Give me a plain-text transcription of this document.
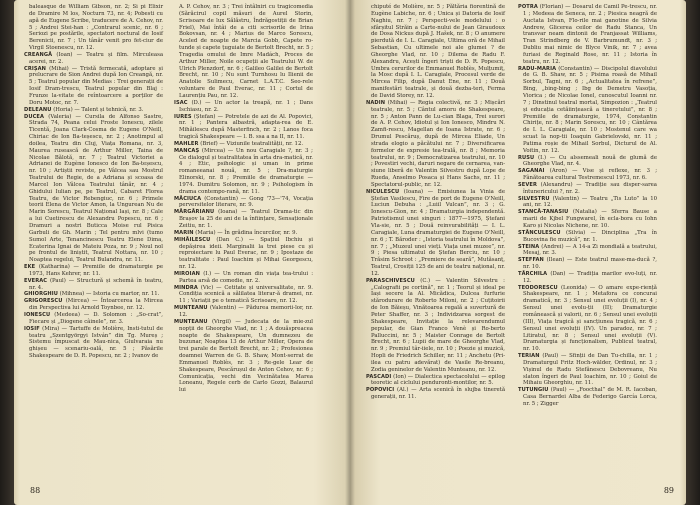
baleasque de William Gibson, nr. 2; Si pi Elixir de Dramire M los, Nocturn 73, nr. 4; Pobesti cu apă de Eugene Scribe, traducere de A. Cehov, nr. 5 ; Andrei Stei-han : „Contrarul scenic, nr. 6 ; Seriozi pe postările, spectatori noctural de Iosif Berenicii, nr. 7 ; Un tânăr venit pro fet-ciur de Virgil Stoenescu, nr. 12.

CREANGĂ (Ioan) — Teatru și film. Mirculeasa acerei, nr. 2.

CRIȘAN (Mihai) — Tristă fermecată, adoptare și prelucrare de Sion Andrei după Ion Creangă, nr. 5 ; Teatrul popular din Medias : Trei generații de Iosif Dram-trescu, Teatrul popular din Blaj : Frunze la-vitate de reîntoarcere a porților de Doru Motoc, nr. 7.

DELEANU (Horia) — Talent și tehnică, nr. 3.

DUCEA (Valeria) — Cursila de Alfonso Sastre, Strada 74, Peana celui Froste Ionescu, zilele Ticentă, Joana Clark-Cosma de Eugene O'Neill, Chiriac de Ion Ba-teșescu, nr. 2 ; Anotimpul al doilea, Teatru din Cluj, Viața Romana, nr. 3, Maurea rusească de Arthur Miller, Taina de Nicolae Bălotă, nr. 7 ; Teatrul Victoriei a Adrianei de Eugène Ionesco de Ion Ba-teșescu, nr. 10 ; Artiștii reviste, pe Vâlcea sau Mostrul Teatrului de Regie, de a Adriana și scoasa de Marcel Ion Vâlcea Teatrului tânăr, nr. 4 ; Ghidului Iulian pe, pe Teatrul, Cabaret Florea Teatru, de Victor Rebengiuc, nr. 6 ; Primele teorii Elena de Victor Amon, la Ungurean Nu de Marin Sorescu, Teatrul Național Iași, nr. 8 ; Cale a lui Cuetirescu de Alexandru Popescu, nr. 6 ; Dramuri a nostri Buticca Moise rul Pisica Garbuli de Gh. Marin ; Tel pentru mlvi (tumo Sumol Arte, Tenancinescu Teatru Elene Dima, Ecaterina Ignai de Mateiu Poza, nr. 9 ; Noul nol pe frontul de liniștit, Teatrul Nottara, nr. 10 ; Noaptea regelui, Teatrul Bulandra, nr. 11.

EKE (Katharina) — Premiile de dramaturgie pe 1973, Hans Kehrer, nr. 11.

EVERAC (Paul) — Structură și schemă în teatru, nr. 4.

GHIORGHIU (Mihnea) — Istoria cu martor, nr. 11.

GRIGORESCU (Mircea) — Întoarcerea la Mircea din Perspectiva lui Arnold Toynbee, nr. 12.

IONESCU (Medeea) — D. Solomon : „So-crat”, Fiecare și „Diogene câinele”, nr. 3.

IOSIF (Mira) — Tartuffe de Molière, Insti-tutul de teatru „Szentgyörgyi István” din Tg. Mureș ; Sistemu împuscat de Mau-nica, Giulvaraia nu ghișeu — scenariu-oală, nr. 5 ; Păsările Shakespeare de D. R. Popescu, nr. 2 ; Ivanov de

A. P. Cehov, nr. 3 ; Trei întâlniri cu tragicomedia (Sărăcirul copil măsuri de Aurel Storin, Scrisoare de lux Sălăstru, Îndrăgostiții de Brian Friel), Mai întâi de a citi scrisorile de Irina Bokovsan, nr. 4 ; Marius de Marco Sorescu, Aceled de noapte de Marcia Gobb, Capete ro-tunde și capete țuguiate de Bertolt Brecht, nr. 5 ; Tragedia omului de Imre Madách, Proces de Arthur Miller, Noile ocupeții ale Teatrului W. de Ulrich Plenzdorf, nr. 6 ; Galileo Galilei de Bertolt Brecht, nr. 10 ; Nu sunt Turnhosu lu Ilienii de Anatolie Sulimecu, Carnet L.A.T.C. Seo-rele voluntare de Paul Everac, nr. 11 ; Cortul de Laurențiu Pau, nr. 12.

ISAC (D.) — Un actor la treapă, nr. 1 ; Dans Ischiasu, nr. 2.

IURES (Ștefan) — Potretele de azi de Al. Popovici, nr. 1 ; Pantera albastră, adapta-rea de E. Mihăilescu după Masterfinch, nr. 2 ; Lanos foca tragică Shakespeare — l. B. ssa a na II, nr. 11.

MAHLER (Brief) — Viziunile teatralității, nr. 12.

MANCAȘ (Mircea) — Un nou Caragiale ?, nr. 3 ; Ce dialogul și teatralitatea în arta dra-matică, nr. 4 ; Etic, psihologic și uman in prime romaneeanai nouă, nr. 5 ; Dra-maturgie Elinorski, nr. 8 ; Premiile de dramaturgie — 1974. Dumitru Solomon, nr. 9 ; Psihologism în drama contempo-rană, nr. 11.

MĂCIUCA (Constantin) — Gong '73—'74, Vocația perversitelor literare, nr. 9.

MĂRGĂRIANU (Ioana) — Teatrul Drama-tic din Brașov la 25 de ani de la înființare, Sensaționale Zeitiu, nr. 1.

MARIN (Maria) — În grădina încurcilor, nr. 9.

MIHĂILESCU (Dan C.) — Spațiul Ibchiu și depășirea ideii. Marginalii la trei piese cu și reproiectare lu Paul Everac, nr. 9 ; Ipostaze de teatralitate : Paul Ioachim și Mihai Georgescu, nr. 12.

MIROIAN (I.) — Un roman din viața tea-trului : Partea arsă de comedie, nr. 2.

MINDRA (Vic) — Cetitate și universalitate, nr. 9. Condiția scenică a sălilatea literar-ă dramei, nr. 11 ; Variații pe o tematică Scrisoare, nr. 12.

MUNTEANU (Valentin) — Pădurea memorii-lor, nr. 12.

MUNTEANU (Virgil) — Judecata de la mie-zul nopții de Gheorghe Vlad, nr. 1 ; A douăspreacea noapte de Shakespeare, Un dumnezeu de buzunar, Noaptea 13 de Arthur Miller, Opera de trei parale de Bertolt Brecht, nr. 2 ; Profesionea doamnei Warren de G. B. Shaw, Mont-serrat de Emmanuel Roblès, nr. 3 ; Re-gele Lear de Shakespeare, Pescărușul de Anton Cehov, nr. 6 ; Comunicația, vechi din Vecinătatea Marea Loneanu, Regele cerb de Carlo Gozzi, Balaurul lui

88

chiputé de Molière, nr. 5 ; Păltăria fiorentină de Eugène Labiche, nr. 6 ; Unica și Datoria de Iosif Naghiu, nr. 7 ; Perspecti-vele modelului : o sfârșitul Străin a Carte-nului de Jean Giraudoux de Dosa Nickus după J. Hašek, nr. 8 ; O anumere pierdută de I. L. Caragiale, Ultima oră de Mihail Sebastian, Cu ultimele noi ale glumei ? de Gheorghe Vlad, nr. 10 ; Dilema de Radu F. Alexandru, Acești îngeri triști de D. R. Popescu, Umbra cerurilor de Emmanuel Roblès, Mulțumiț, la Mosc după I. L. Caragiale, Procesul verde de Mircea Filip, după Danut Ene, nr. 11 ; Două manifestări teatrale, și două dezba-teri, Ferma de David Storey, nr. 12.

NADIN (Mihai) — Regia colectivă, nr. 3 ; Mișcări teatrale, nr. 5 ; Cântul amoru de Shakespeare, nr. 5 ; Anton Pann de Lu-cian Blaga, Trei surori de A. P. Cehov, Idiotul și Ion Ionesco, Mindru N. Zamfi-rescu, Magellan de Ioana Istrate, nr. 6 ; Drumul Pescăruș, după de Mircea Eliade, Un strada elogio a păcătului nr. 7 ; Diversificarea formelor de expresie tea-trală, nr. 8 ; Memoria teatrului, nr. 9 ; Democratizarea teatrului, nr. 10 ; Povestiri vechi, daruri negare de cernarea, van-siune liberă de Valentin Silvestru după Lope de Rueda, Anselmo Posaca și Hans Sachs, nr. 11 ; Spectatorul-public, nr. 12.

NICULESCU (Ioana) — Emisiunea la Vinia de Ștefan Vasilescu, Fire de port de Eugene O'Neill, Luciun Debuha : „Luiil Vulcan”, nr. 3 ; G. Ionescu-Gion, nr. 4 ; Dramaturgia independentă. Patriotismul unei singuri : 1877—1975, Ștefani Vla-sie, nr. 5 ; Două reinvurabilități — I. L. Caragiale, Luna dramaturgiei de Eugene O'Neill, nr. 6 ; T. Băroder : „Istoria teatrului în Moldova”, nr. 7 ; „Muzeul unei vieți. Viața unei muzee”, nr. 9 ; Piesa ultimatul de Ștefan Berciu, nr. 10 ; Trăsim Schroot : „Premiere de seară”, Mutăsanț, Teatrul, Crosiții 125 de ani de teatru național, nr. 12.

PARASCHIVESCU (C.) — Valentin Silvestru : „Calografii pe cortină”, nr. 1 ; Teorul și ideal pe Iași secere la Al. Micădica, Dulcea furfurie stărodurare de Roberto Miloni, nr. 2 ; Cuțitoirii de Ion Băieșu, Vinătoarea regală a suvertură de Peter Shaffer, nr. 3 ; Individzarea sorgest de Shakespeare, Invitație la relevarendumul pepular, de Gian Franco Venè și Ro-berto Palluccini, nr. 5 ; Maister Conrage de Bertolt Brecht, nr. 6 ; Lupii de mare de Gheorghe Vlad, nr. 9 ; Premiul târ-iiele, nr. 10 ; Poezie și muzică, Hopli de Friedrich Schiller, nr. 11 ; Anchetu (Pri-ilea cu patru adevărat) de Vasile Re-breanu, Zodia geninelor de Valentin Munteanu, nr. 12.

PASCADI (Ion) — Dialectica spectacolului — epilog teoretic al ciclului penduronti-montilor, nr. 5.

POPOVICI (Al.) — Arta scenică în slujba tineretă generații, nr. 11.

POTRA (Florian) — Dosarul de Camil Pe-trescu, nr. 1 ; Medeea de Seneca, nr. 2 ; Piesica neagră de Auctata Istvan, Flo-rile mai ganotine de Silvia Andrew, Glicerea ceilor de Radu Stanca, Un transvar neam dintonii de Franjassat Williams, Tran Strindberg de V. Barbrumundt, nr. 3 ; Dubliu mai nimic de Blyce Vinik, nr. 7 ; avea furiasi de Reginald Rose, nr. 11 ; Istoria în teatru, nr. 12.

RADU-MARIA (Constantin) — Discipolul diavolului de G. B. Shaw, nr. 5 ; Pisima roasă de Mihail Sorbul, Tagni, nr. 6 ; „Actualitatea în refrene”, Bing, „bing-bing ; Ibg de Demetru Vasoția, Viorica ; de Nicolae Ionel, cunoscutul Ioanni nr. 7 ; Dinstinul teatral mortal, Simpozion : „Teatrul și educația cetăiințească a tineretului”, nr. 8 ; Premiile de dramaturgie, 1974, Constantin Chirițe, nr. 8 ; Marin Sorescu, nr. 10 ; Cântărea de I. L. Caragiale, nr. 10 ; Mostenul care wa scuat la nop-tii Ioaquin Gabrielovski, nr. 11 ; Patima roșie de Mihail Sorbul, Dicturul de Al. Voitin, nr. 12.

RUSU (I.) — Cu alssemeali nouă de glumă de Gheorghe Vlad, nr. 4.

SAGANAI (Aron) — Vise și reflexe, nr. 3 ; Fânătoarea cultural Testremescul 1973, nr. 6.

SEVER (Alexandru) — Tradiție sau disper-sarea întunericului ?, nr. 2.

SILVESTRU (Valentin) — Teatru „Tis Luto” la 10 ani, nr. 12.

STANCĂ-TANASIU (Natalia) — Sferra Bause a marii de Kjbel Fungwarel, în ecla-bora cu Iohn Karo și Nicolas Nichene, nr. 10.

STĂNCULESCU (Silvia) — Dinciplina „Tra în Bucovina fie muzică”, nr. 1.

STEINA (Andrei) — A 14-a Zi mondială a teatrului, Mesaj, nr. 3.

STEFFAN (Ilean) — Este teatrul mase-ma-ducă ?, nr. 10.

TĂRCHILA (Dan) — Tradiția marilor evo-luți, nr. 12.

TEODORESCU (Leonida) — O amare expe-riență Shakespeare, nr. 1 ; Metafora ce concurai dramatică, nr. 3 ; Sensul unei evoluții (I), nr. 4 ; Sensul unei evolu-ții (II); Dramaturgie românească și valorii, nr. 6 ; Sensul unei evoluții (III), Viața tragică și sancțiunea tragică, nr. 6 ; Sensul unei evoluții (IV). Un paradoz, nr. 7 ; Litiratul, nr. 8 ; Sensul unei evoluții (V). Dramaturgia și funcționalism, Publicul teatral, nr. 10.

TERIAN (Paul) — Sfinții de Dan Tu-chilla, nr. 1 ; Dramaturgul Fritz Hoch-wälder, Ordinul, nr. 3 ; Vișinul de Radu Stefănescu Debovreanu, Nu slaton îngeri de Paul Ioachim, nr. 10 ; Goiul de Mihaiu Gheorghiu, nr. 11.

TUTUNGIU (Paul) — „Foocthal” de M. R. Iacoban, Casa Bernardei Alba de Federigo García Lorca, nr. 5 ; Zigger

89
